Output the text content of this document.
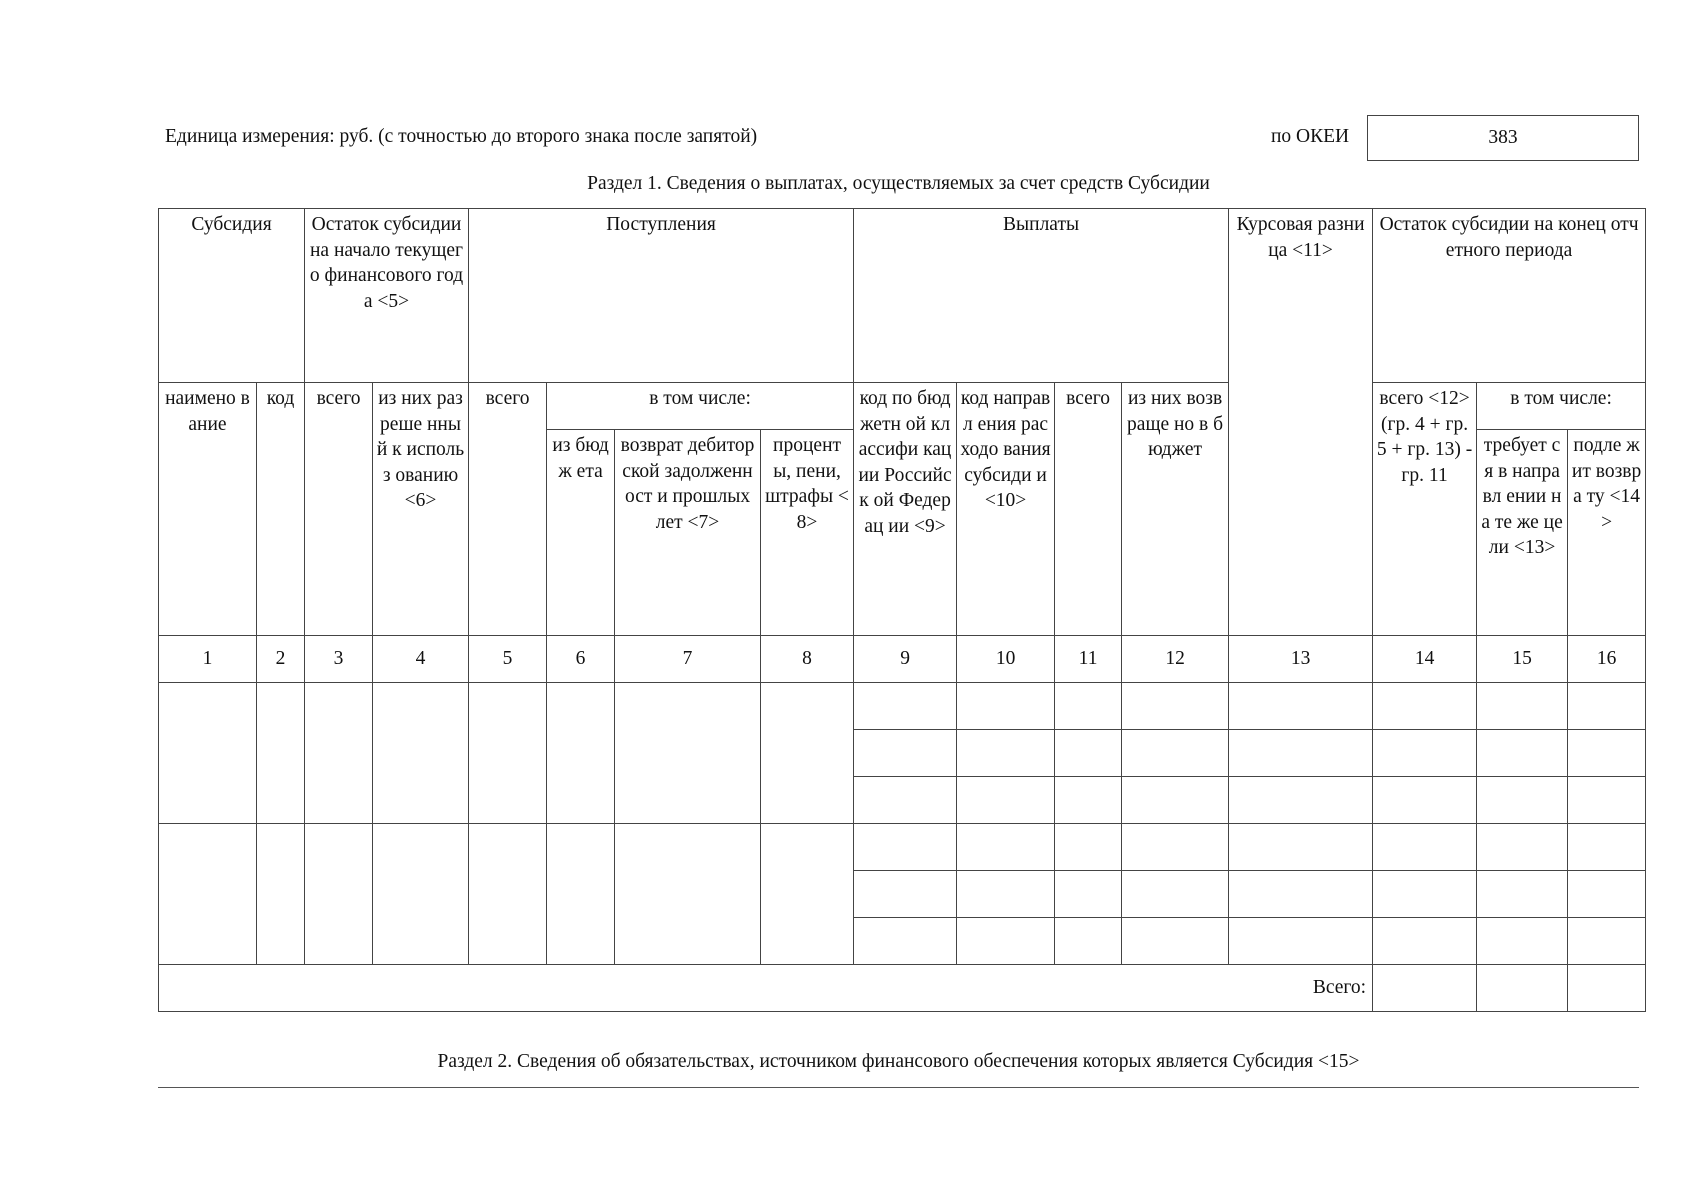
Единица измерения: руб. (с точностью до второго знака после запятой)	по ОКЕИ	383
Раздел 1. Сведения о выплатах, осуществляемых за счет средств Субсидии
Субсидия		Остаток субсидии на начало текущего финансового года <5>		Поступления				Выплаты				Курсовая разница <11>	Остаток субсидии на конец отчетного периода		
наимено вание	код	всего	из них разреше нный к использ ованию <6>	всего	в том числе:			код по бюджетн ой классифи кации Российск ой Федерац ии <9>	код направл ения расходо вания субсиди и <10>	всего	из них возвраще но в бюджет		всего <12> (гр. 4 + гр. 5 + гр. 13) - гр. 11	в том числе:	
					из бюдж ета	возврат дебиторской задолженност и прошлых лет <7>	процент ы, пени, штрафы <8>							требует ся в направл ении на те же цели <13>	подле жит возвра ту <14>
1	2	3	4	5	6	7	8	9	10	11	12	13	14	15	16

Всего:															
Раздел 2. Сведения об обязательствах, источником финансового обеспечения которых является Субсидия <15>
